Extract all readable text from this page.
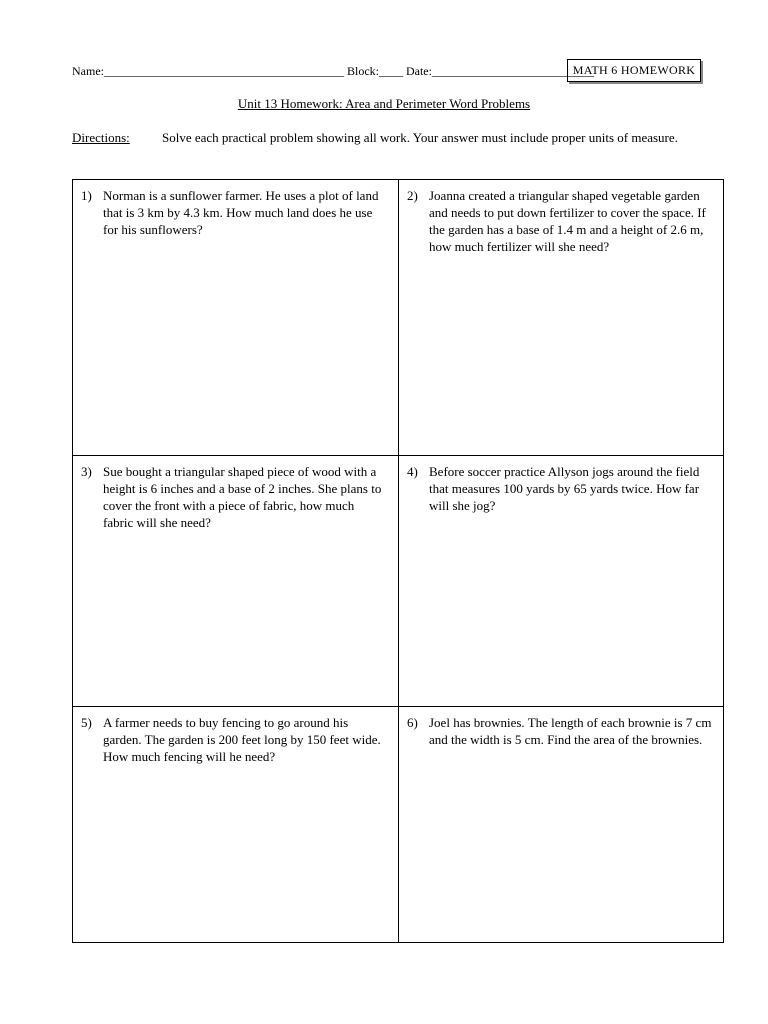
Name:________________________________________ Block:____ Date:___________________________
MATH 6 HOMEWORK
Unit 13 Homework: Area and Perimeter Word Problems
Directions: Solve each practical problem showing all work. Your answer must include proper units of measure.
1) Norman is a sunflower farmer. He uses a plot of land that is 3 km by 4.3 km. How much land does he use for his sunflowers?
2) Joanna created a triangular shaped vegetable garden and needs to put down fertilizer to cover the space. If the garden has a base of 1.4 m and a height of 2.6 m, how much fertilizer will she need?
3) Sue bought a triangular shaped piece of wood with a height is 6 inches and a base of 2 inches. She plans to cover the front with a piece of fabric, how much fabric will she need?
4) Before soccer practice Allyson jogs around the field that measures 100 yards by 65 yards twice. How far will she jog?
5) A farmer needs to buy fencing to go around his garden. The garden is 200 feet long by 150 feet wide. How much fencing will he need?
6) Joel has brownies. The length of each brownie is 7 cm and the width is 5 cm. Find the area of the brownies.
